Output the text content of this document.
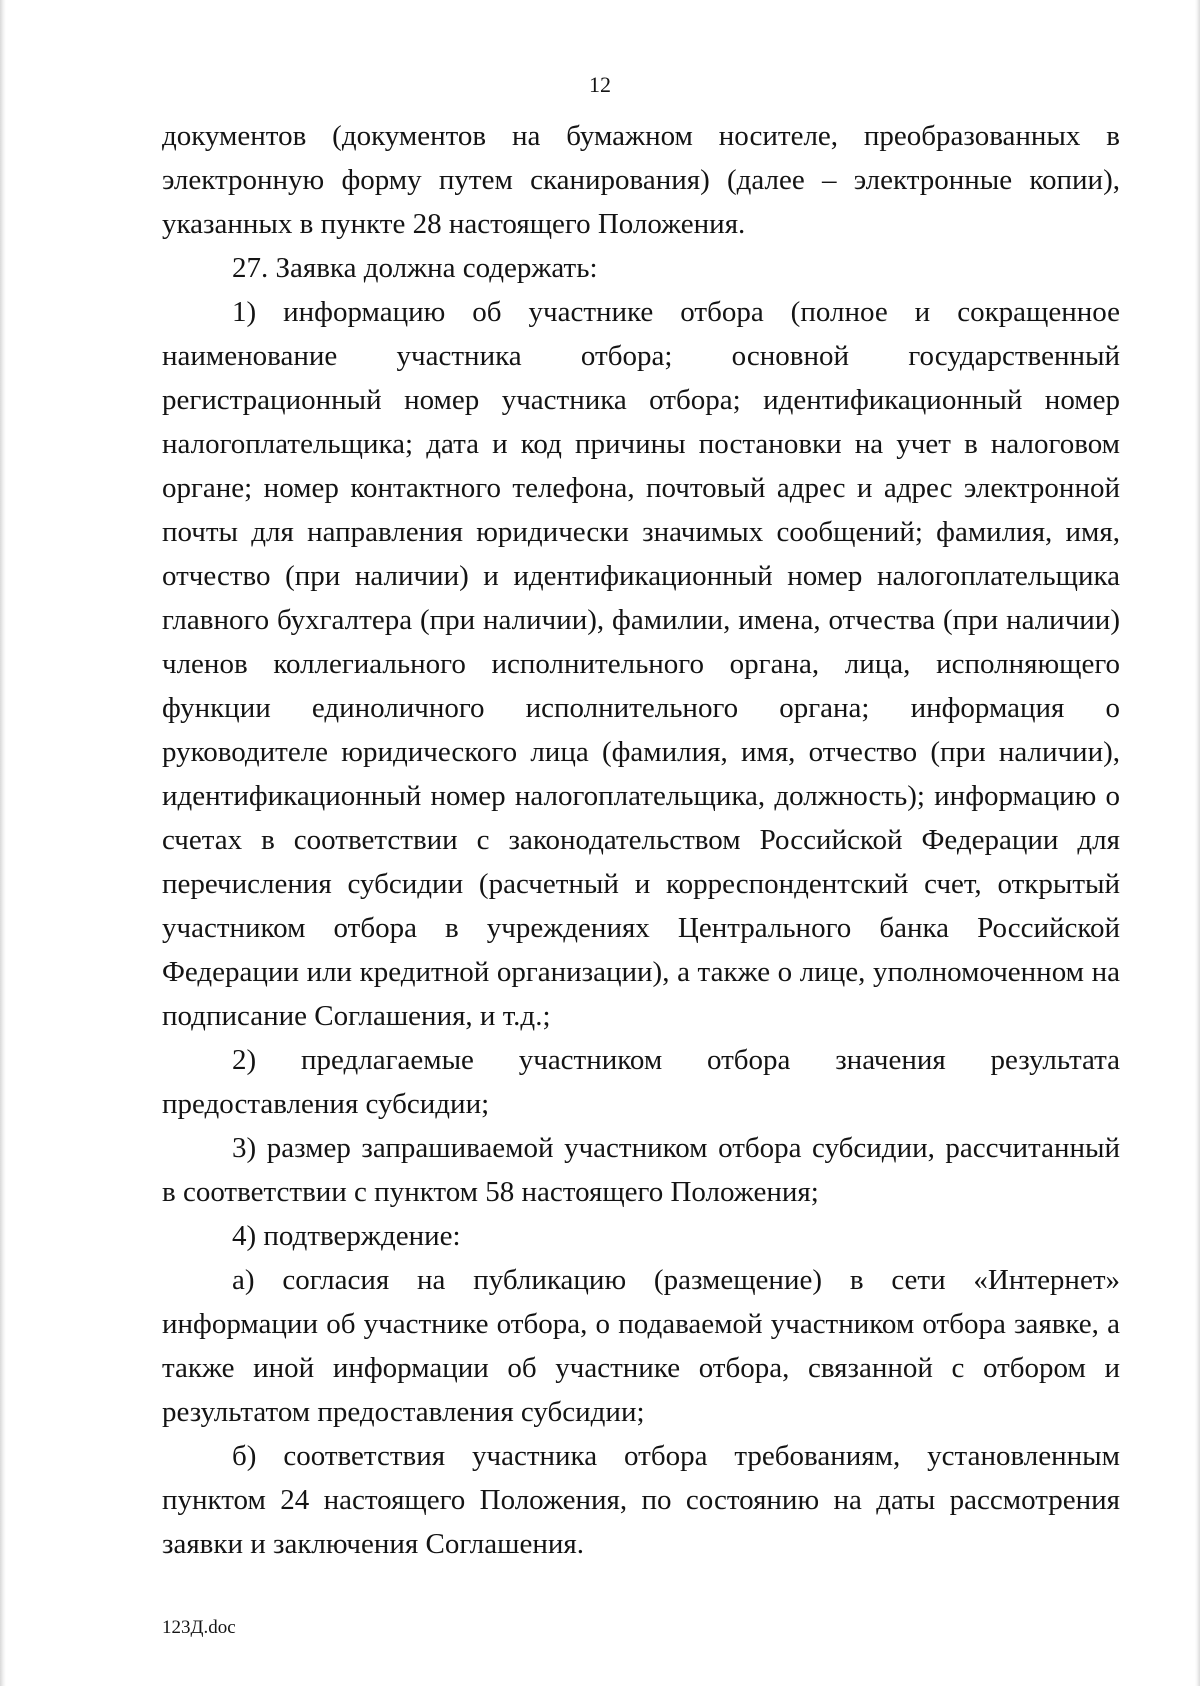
12

документов (документов на бумажном носителе, преобразованных в электронную форму путем сканирования) (далее – электронные копии), указанных в пункте 28 настоящего Положения.

27. Заявка должна содержать:

1) информацию об участнике отбора (полное и сокращенное наименование участника отбора; основной государственный регистрационный номер участника отбора; идентификационный номер налогоплательщика; дата и код причины постановки на учет в налоговом органе; номер контактного телефона, почтовый адрес и адрес электронной почты для направления юридически значимых сообщений; фамилия, имя, отчество (при наличии) и идентификационный номер налогоплательщика главного бухгалтера (при наличии), фамилии, имена, отчества (при наличии) членов коллегиального исполнительного органа, лица, исполняющего функции единоличного исполнительного органа; информация о руководителе юридического лица (фамилия, имя, отчество (при наличии), идентификационный номер налогоплательщика, должность); информацию о счетах в соответствии с законодательством Российской Федерации для перечисления субсидии (расчетный и корреспондентский счет, открытый участником отбора в учреждениях Центрального банка Российской Федерации или кредитной организации), а также о лице, уполномоченном на подписание Соглашения, и т.д.;

2) предлагаемые участником отбора значения результата предоставления субсидии;

3) размер запрашиваемой участником отбора субсидии, рассчитанный в соответствии с пунктом 58 настоящего Положения;

4) подтверждение:

а) согласия на публикацию (размещение) в сети «Интернет» информации об участнике отбора, о подаваемой участником отбора заявке, а также иной информации об участнике отбора, связанной с отбором и результатом предоставления субсидии;

б) соответствия участника отбора требованиям, установленным пунктом 24 настоящего Положения, по состоянию на даты рассмотрения заявки и заключения Соглашения.

123Д.doc
